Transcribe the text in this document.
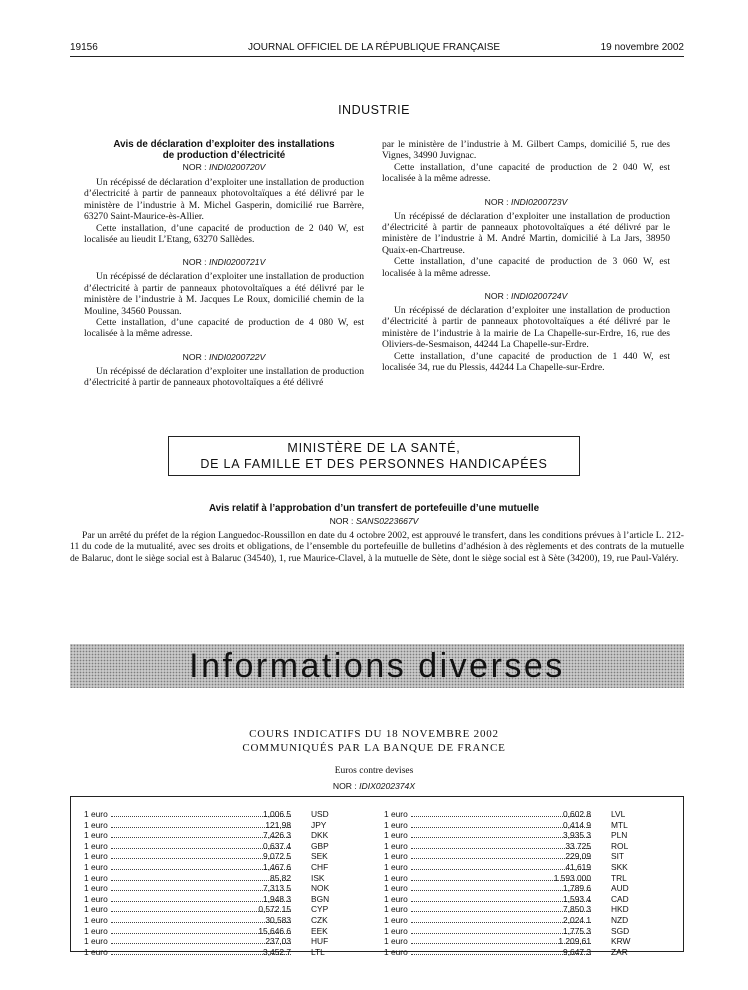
19156	JOURNAL OFFICIEL DE LA RÉPUBLIQUE FRANÇAISE	19 novembre 2002
INDUSTRIE
Avis de déclaration d’exploiter des installations
de production d’électricité
NOR : INDI0200720V

Un récépissé de déclaration d’exploiter une installation de production d’électricité à partir de panneaux photovoltaïques a été délivré par le ministère de l’industrie à M. Michel Gasperin, domicilié rue Barrère, 63270 Saint-Maurice-ès-Allier.

Cette installation, d’une capacité de production de 2 040 W, est localisée au lieudit L’Etang, 63270 Sallèdes.

NOR : INDI0200721V

Un récépissé de déclaration d’exploiter une installation de production d’électricité à partir de panneaux photovoltaïques a été délivré par le ministère de l’industrie à M. Jacques Le Roux, domicilié chemin de la Mouline, 34560 Poussan.

Cette installation, d’une capacité de production de 4 080 W, est localisée à la même adresse.

NOR : INDI0200722V

Un récépissé de déclaration d’exploiter une installation de production d’électricité à partir de panneaux photovoltaïques a été délivré

par le ministère de l’industrie à M. Gilbert Camps, domicilié 5, rue des Vignes, 34990 Juvignac.

Cette installation, d’une capacité de production de 2 040 W, est localisée à la même adresse.

NOR : INDI0200723V

Un récépissé de déclaration d’exploiter une installation de production d’électricité à partir de panneaux photovoltaïques a été délivré par le ministère de l’industrie à M. André Martin, domicilié à La Jars, 38950 Quaix-en-Chartreuse.

Cette installation, d’une capacité de production de 3 060 W, est localisée à la même adresse.

NOR : INDI0200724V

Un récépissé de déclaration d’exploiter une installation de production d’électricité à partir de panneaux photovoltaïques a été délivré par le ministère de l’industrie à la mairie de La Chapelle-sur-Erdre, 16, rue des Oliviers-de-Sesmaison, 44244 La Chapelle-sur-Erdre.

Cette installation, d’une capacité de production de 1 440 W, est localisée 34, rue du Plessis, 44244 La Chapelle-sur-Erdre.

MINISTÈRE DE LA SANTÉ,
DE LA FAMILLE ET DES PERSONNES HANDICAPÉES
Avis relatif à l’approbation d’un transfert de portefeuille d’une mutuelle
NOR : SANS0223667V

Par un arrêté du préfet de la région Languedoc-Roussillon en date du 4 octobre 2002, est approuvé le transfert, dans les conditions prévues à l’article L. 212-11 du code de la mutualité, avec ses droits et obligations, de l’ensemble du portefeuille de bulletins d’adhésion à des règlements et des contrats de la mutuelle de Balaruc, dont le siège social est à Balaruc (34540), 1, rue Maurice-Clavel, à la mutuelle de Sète, dont le siège social est à Sète (34200), 19, rue Paul-Valéry.

Informations diverses
COURS INDICATIFS DU 18 NOVEMBRE 2002
COMMUNIQUÉS PAR LA BANQUE DE FRANCE
Euros contre devises
NOR : IDIX0202374X
1 euro	1,006 5 USD
1 euro	121,98 JPY
1 euro	7,426 3 DKK
1 euro	0,637 4 GBP
1 euro	9,072 5 SEK
1 euro	1,467 6 CHF
1 euro	85,82 ISK
1 euro	7,313 5 NOK
1 euro	1,948 3 BGN
1 euro	0,572 15 CYP
1 euro	30,583 CZK
1 euro	15,646 6 EEK
1 euro	237,03 HUF
1 euro	3,452 7 LTL
1 euro	0,602 8 LVL
1 euro	0,414 9 MTL
1 euro	3,935 3 PLN
1 euro	33 725 ROL
1 euro	229,09 SIT
1 euro	41,619 SKK
1 euro	1 593 000 TRL
1 euro	1,789 6 AUD
1 euro	1,593 4 CAD
1 euro	7,850 3 HKD
1 euro	2,024 1 NZD
1 euro	1,775 3 SGD
1 euro	1 209,61 KRW
1 euro	9,647 3 ZAR
